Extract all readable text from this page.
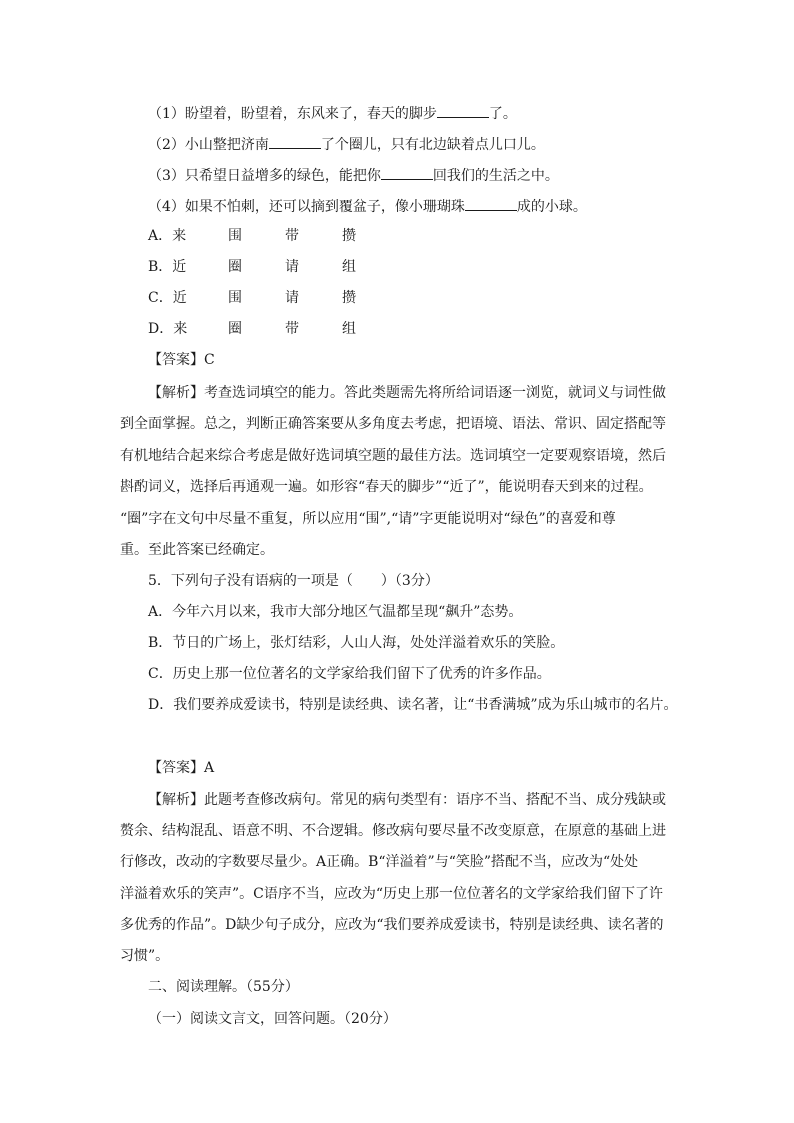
（1）盼望着，盼望着，东风来了，春天的脚步	了。
（2）小山整把济南	了个圈儿，只有北边缺着点儿口儿。
（3）只希望日益增多的绿色，能把你	回我们的生活之中。
（4）如果不怕刺，还可以摘到覆盆子，像小珊瑚珠	成的小球。
A．来	围	带	攒
B．近	圈	请	组
C．近	围	请	攒
D．来	圈	带	组
【答案】C
【解析】考查选词填空的能力。答此类题需先将所给词语逐一浏览，就词义与词性做
到全面掌握。总之，判断正确答案要从多角度去考虑，把语境、语法、常识、固定搭配等
有机地结合起来综合考虑是做好选词填空题的最佳方法。选词填空一定要观察语境，然后
斟酌词义，选择后再通观一遍。如形容“春天的脚步”“近了”，能说明春天到来的过程。
“圈”字在文句中尽量不重复，所以应用“围”,“请”字更能说明对“绿色”的喜爱和尊
重。至此答案已经确定。
5．下列句子没有语病的一项是（　　）（3分）
A．今年六月以来，我市大部分地区气温都呈现“飙升”态势。
B．节日的广场上，张灯结彩，人山人海，处处洋溢着欢乐的笑脸。
C．历史上那一位位著名的文学家给我们留下了优秀的许多作品。
D．我们要养成爱读书，特别是读经典、读名著，让“书香满城”成为乐山城市的名片。
【答案】A
【解析】此题考查修改病句。常见的病句类型有：语序不当、搭配不当、成分残缺或
赘余、结构混乱、语意不明、不合逻辑。修改病句要尽量不改变原意，在原意的基础上进
行修改，改动的字数要尽量少。A正确。B“洋溢着”与“笑脸”搭配不当，应改为“处处
洋溢着欢乐的笑声”。C语序不当，应改为“历史上那一位位著名的文学家给我们留下了许
多优秀的作品”。D缺少句子成分，应改为“我们要养成爱读书，特别是读经典、读名著的
习惯”。
二、阅读理解。（55分）
（一）阅读文言文，回答问题。（20分）
